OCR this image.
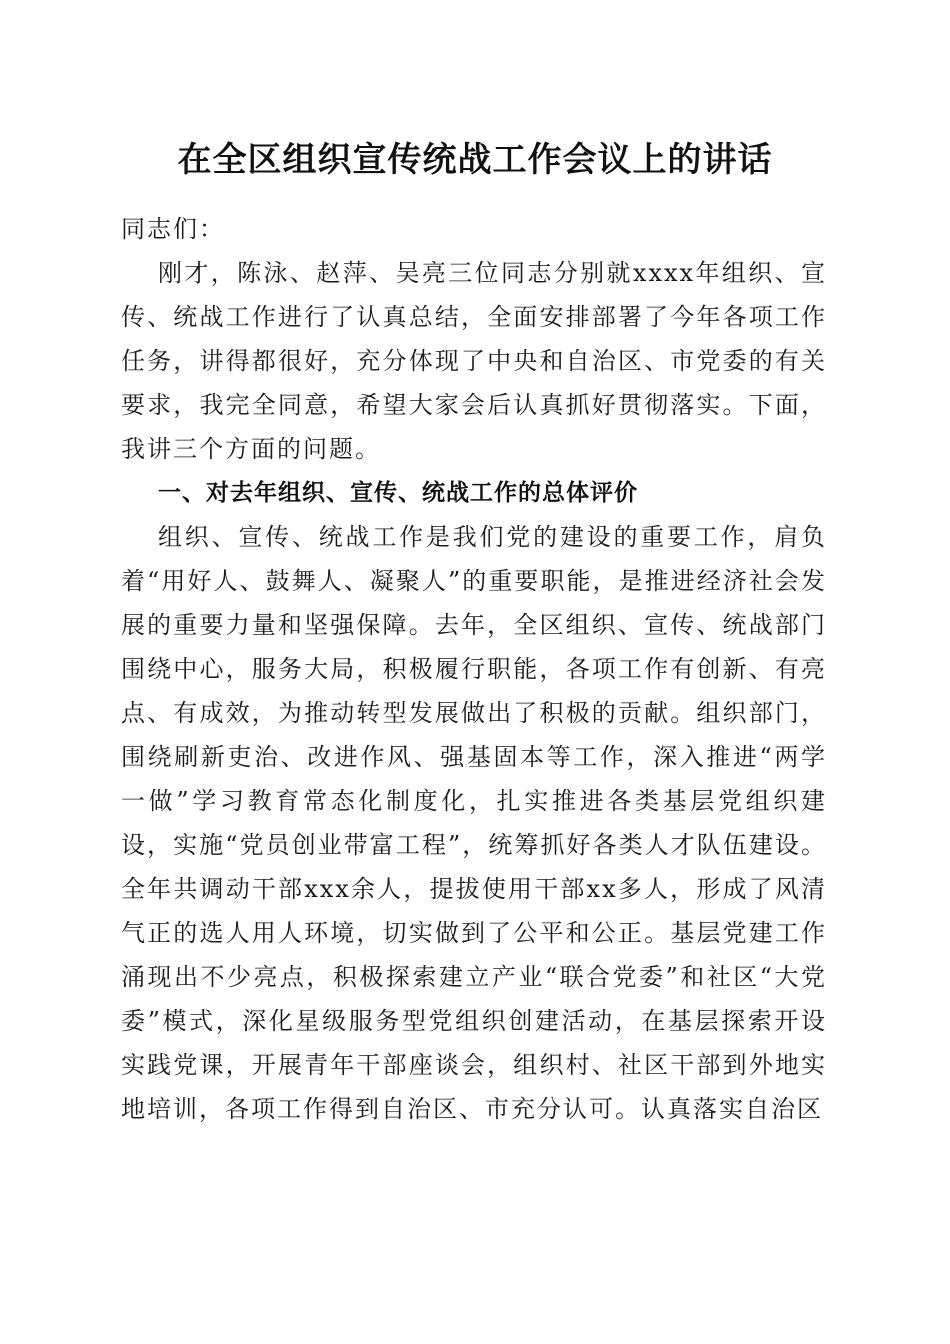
在全区组织宣传统战工作会议上的讲话

同志们：

刚才，陈泳、赵萍、吴亮三位同志分别就xxxx年组织、宣传、统战工作进行了认真总结，全面安排部署了今年各项工作任务，讲得都很好，充分体现了中央和自治区、市党委的有关要求，我完全同意，希望大家会后认真抓好贯彻落实。下面，我讲三个方面的问题。

一、对去年组织、宣传、统战工作的总体评价

组织、宣传、统战工作是我们党的建设的重要工作，肩负着“用好人、鼓舞人、凝聚人”的重要职能，是推进经济社会发展的重要力量和坚强保障。去年，全区组织、宣传、统战部门围绕中心，服务大局，积极履行职能，各项工作有创新、有亮点、有成效，为推动转型发展做出了积极的贡献。组织部门，围绕刷新吏治、改进作风、强基固本等工作，深入推进“两学一做”学习教育常态化制度化，扎实推进各类基层党组织建设，实施“党员创业带富工程”，统筹抓好各类人才队伍建设。全年共调动干部xxx余人，提拔使用干部xx多人，形成了风清气正的选人用人环境，切实做到了公平和公正。基层党建工作涌现出不少亮点，积极探索建立产业“联合党委”和社区“大党委”模式，深化星级服务型党组织创建活动，在基层探索开设实践党课，开展青年干部座谈会，组织村、社区干部到外地实地培训，各项工作得到自治区、市充分认可。认真落实自治区
